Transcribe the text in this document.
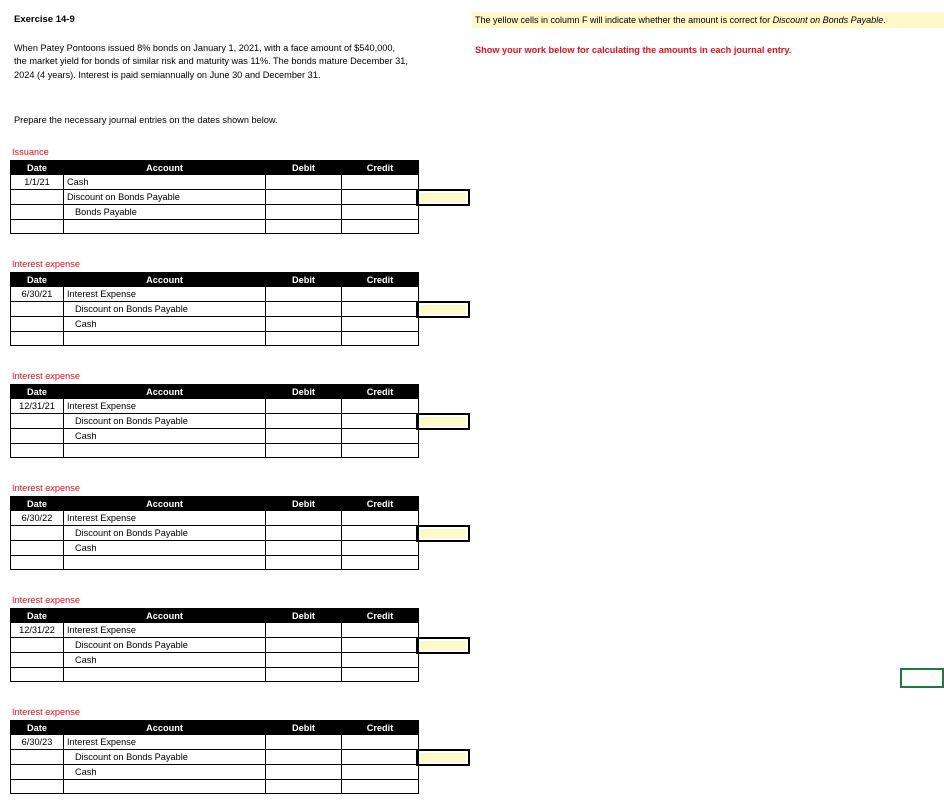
Exercise 14-9	The yellow cells in column F will indicate whether the amount is correct for Discount on Bonds Payable.
When Patey Pontoons issued 8% bonds on January 1, 2021, with a face amount of $540,000, the market yield for bonds of similar risk and maturity was 11%. The bonds mature December 31, 2024 (4 years). Interest is paid semiannually on June 30 and December 31.
Prepare the necessary journal entries on the dates shown below.
Show your work below for calculating the amounts in each journal entry.
Issuance
Date	Account	Debit	Credit
1/1/21	Cash		
	Discount on Bonds Payable		
	Bonds Payable		

Interest expense
Date	Account	Debit	Credit
6/30/21	Interest Expense		
	Discount on Bonds Payable		
	Cash		

Interest expense
Date	Account	Debit	Credit
12/31/21	Interest Expense		
	Discount on Bonds Payable		
	Cash		

Interest expense
Date	Account	Debit	Credit
6/30/22	Interest Expense		
	Discount on Bonds Payable		
	Cash		

Interest expense
Date	Account	Debit	Credit
12/31/22	Interest Expense		
	Discount on Bonds Payable		
	Cash		

Interest expense
Date	Account	Debit	Credit
6/30/23	Interest Expense		
	Discount on Bonds Payable		
	Cash		
